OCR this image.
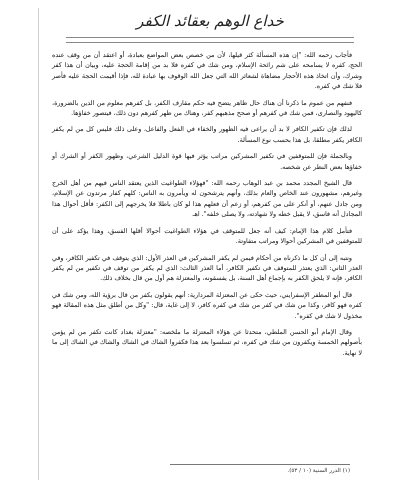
خداع الوهم بعقائد الكفر

فأجاب رحمه الله: "إن هذه المسألة كثر قيلها، لأن من خصص بعض المواضع بعبادة، أو اعتقد أن من وقف عنده الحج، كفره لا يسامحه على شم رائحة الإسلام، ومن شك في كفره فلا بد من إقامة الحجة عليه، وبيان أن هذا كفر وشرك، وأن اتخاذ هذه الأحجار مضاهاة لشعائر الله التي جعل الله الوقوف بها عبادة لله، فإذا أقيمت الحجة عليه فأصر فلا شك في كفره.

فنفهم من عموم ما ذكرنا أن هناك حال ظاهر يتضح فيه حكم مقارف الكفر، بل كفرهم معلوم من الدين بالضرورة، كاليهود والنصارى، فمن شك في كفرهم أو صحح مذهبهم كفر، وهناك من ظهر كفرهم دون ذلك، فيتصور خفاؤها.

لذلك فإن تكفير الكافر لا بد أن يراعى فيه الظهور والخفاء في الفعل والفاعل، وعلى ذلك فليس كل من لم يكفر الكافر يكفر مطلقا، بل هذا بحسب نوع المسألة.

وبالجملة فإن للمتوقفين في تكفير المشركين مراتب يؤثر فيها قوة الدليل الشرعي، وظهور الكفر أو الشرك أو خفاؤها بعض النظر عن شخصه.

قال الشيخ المجدد محمد بن عبد الوهاب رحمه الله: "فهؤلاء الطواغيت الذين يعتقد الناس فيهم من أهل الخرج وغيرهم، مشهورون عند الخاص والعام بذلك، وأنهم يترشحون له ويأمرون به الناس: كلهم كفار مرتدون عن الإسلام، ومن جادل عنهم، أو أنكر على من كفرهم، أو زعم أن فعلهم هذا لو كان باطلا فلا يخرجهم إلى الكفر: فأقل أحوال هذا المجادل أنه فاسق، لا يقبل خطه ولا شهادته، ولا يصلى خلفه". اهـ

فتأمل كلام هذا الإمام: كيف أنه جعل للمتوقف في هؤلاء الطواغيت أحوالا أقلها الفسق، وهذا يؤكد على أن للمتوقفين في المشركين أحوالا ومراتب متفاوتة.

ونتبه إلى أن كل ما ذكرناه من أحكام فيمن لم يكفر المشركين في العذر الأول: الذي يتوقف في تكفير الكافر، وفي العذر الثاني: الذي يعتذر للمتوقف في تكفير الكافر، أما العذر الثالث: الذي لم يكفر من توقف في تكفير من لم يكفر الكافر، فإنه لا يلحق الكفر به بإجماع أهل السنة، بل يفسقونه، والمعتزلة هم أول من قال بخلاف ذلك.

قال أبو المظفر الإسفرايني، حيث حكى عن المعتزلة المردارية: أنهم يقولون بكفر من قال برؤية الله، ومن شك في كفره فهو كافر، وكذا من شك في كفر من شك في كفره كافر، لا إلى غاية، قال: "وكل من أطلق مثل هذه المقالة فهو مخذول لا شك في كفره".

وقال الإمام أبو الحسن الملطي، متحدثا عن هؤلاء المعتزلة ما ملخصه: "معتزلة بغداد كانت تكفر من لم يؤمن بأصولهم الخمسة ويكفرون من شك في كفره، ثم تسلسوا بعد هذا فكفروا الشاك في الشاك والشاك في الشاك إلى ما لا نهاية.

(١) الدرر السنية (١٠ / ٥٣).
